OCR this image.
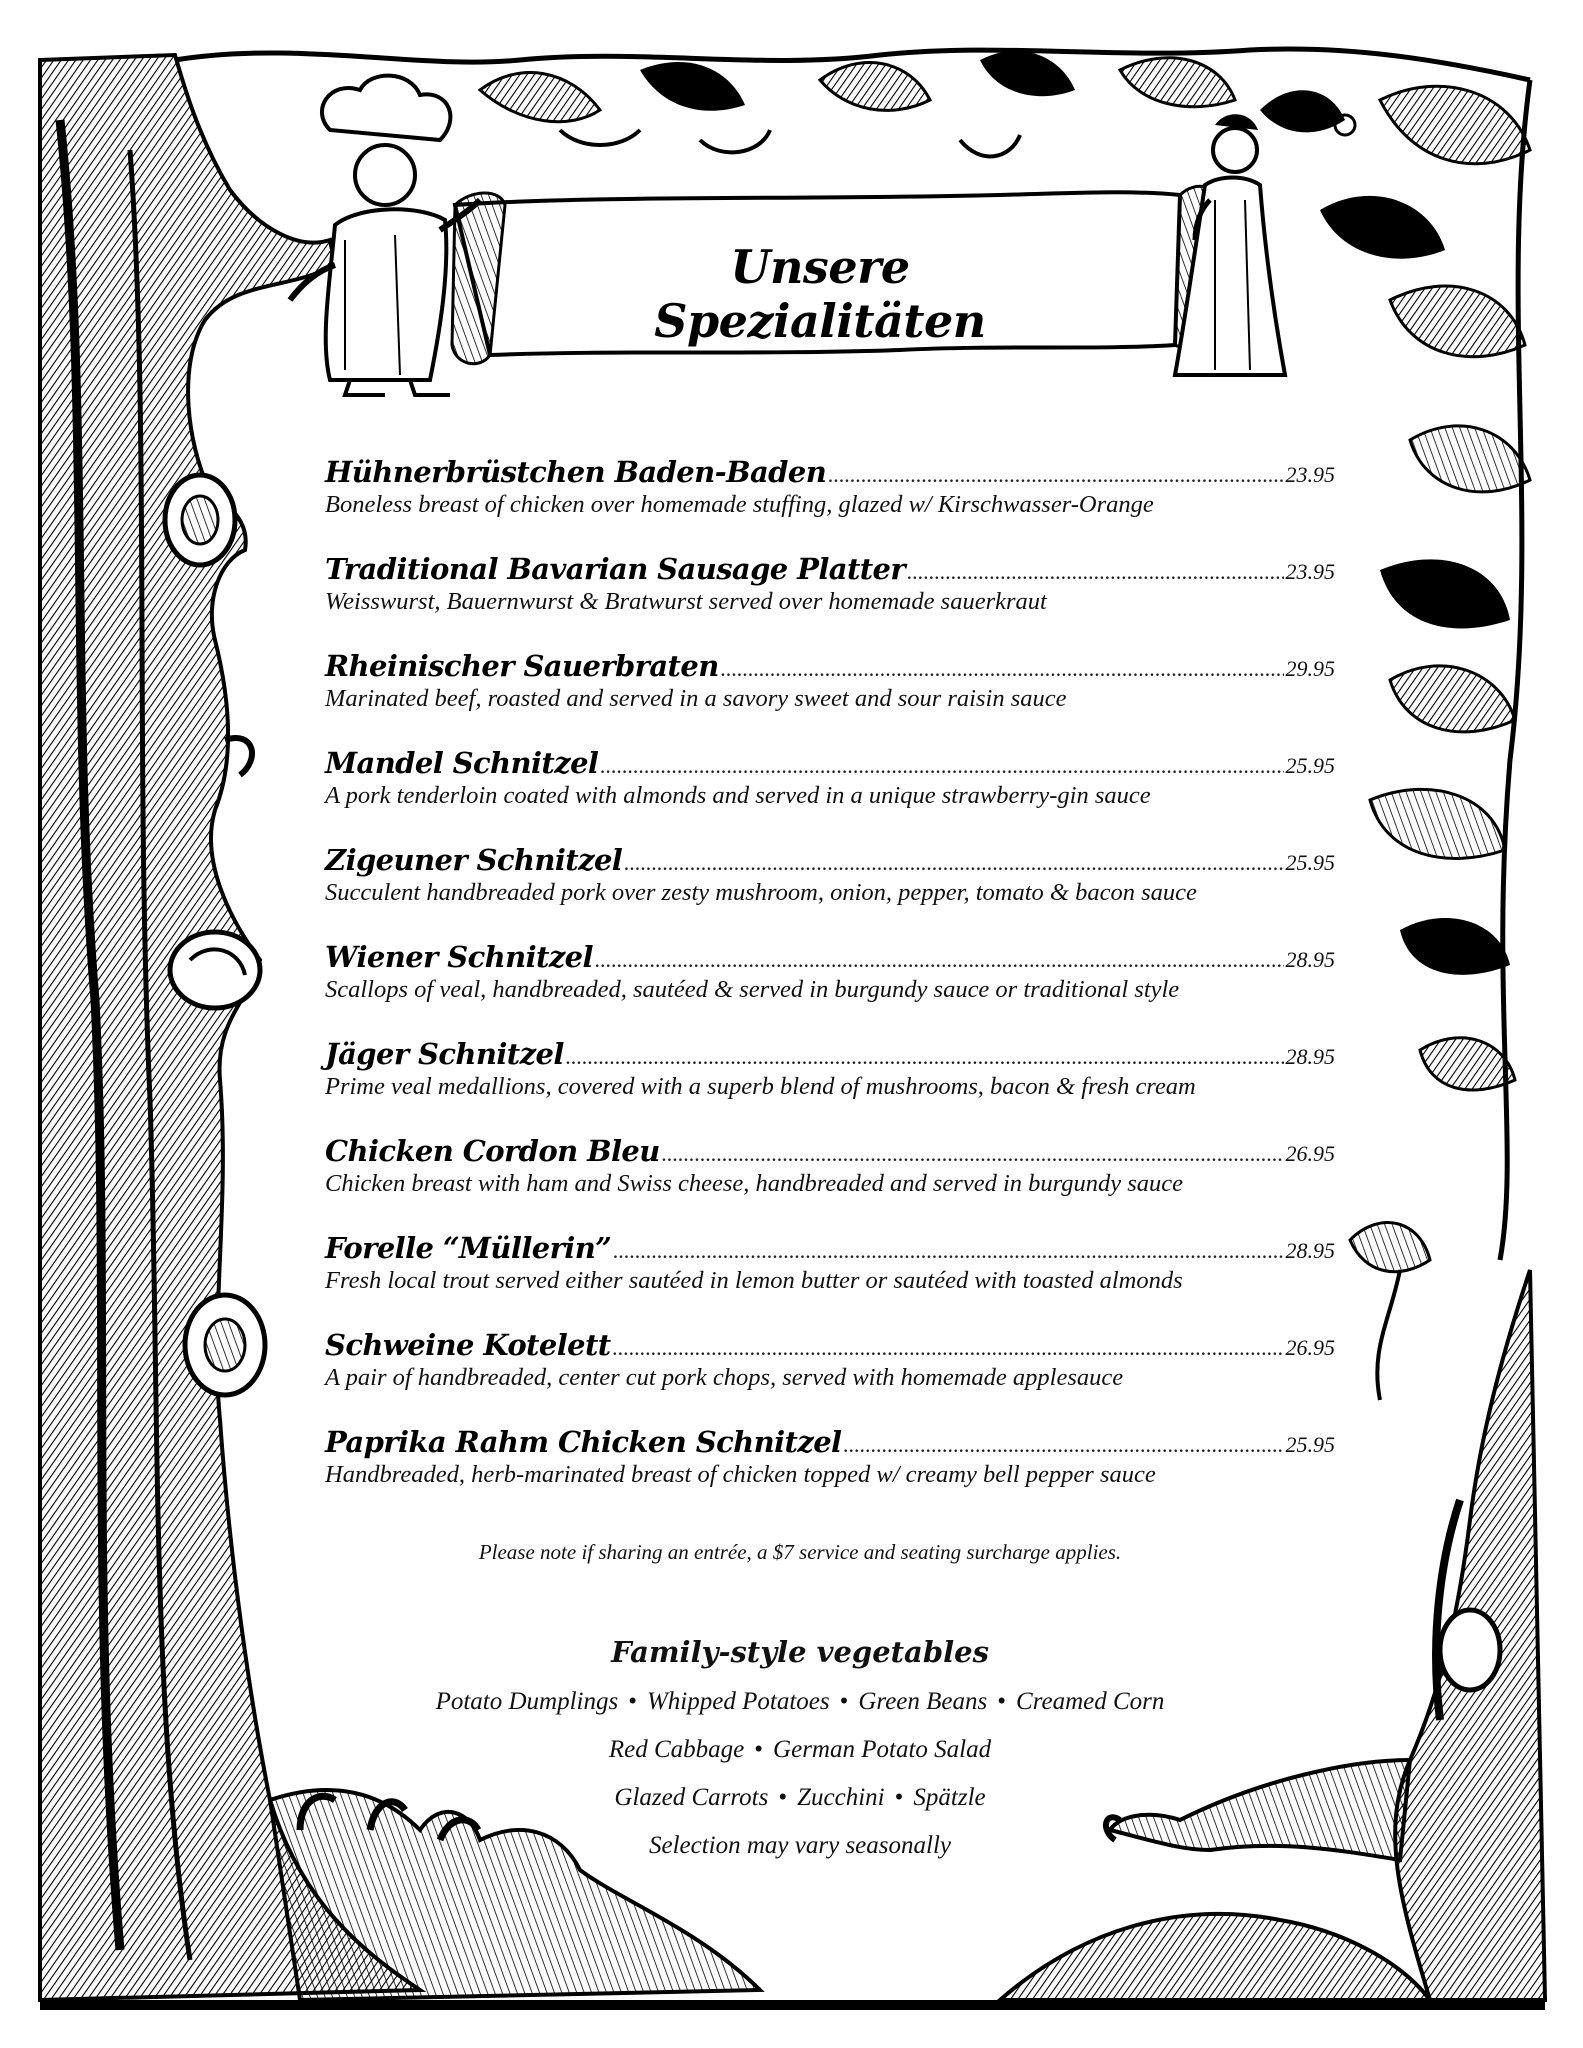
Unsere Spezialitäten
Hühnerbrüstchen Baden-Baden .....	23.95
Boneless breast of chicken over homemade stuffing, glazed w/ Kirschwasser-Orange
Traditional Bavarian Sausage Platter .....	23.95
Weisswurst, Bauernwurst & Bratwurst served over homemade sauerkraut
Rheinischer Sauerbraten .....	29.95
Marinated beef, roasted and served in a savory sweet and sour raisin sauce
Mandel Schnitzel .....	25.95
A pork tenderloin coated with almonds and served in a unique strawberry-gin sauce
Zigeuner Schnitzel .....	25.95
Succulent handbreaded pork over zesty mushroom, onion, pepper, tomato & bacon sauce
Wiener Schnitzel .....	28.95
Scallops of veal, handbreaded, sautéed & served in burgundy sauce or traditional style
Jäger Schnitzel .....	28.95
Prime veal medallions, covered with a superb blend of mushrooms, bacon & fresh cream
Chicken Cordon Bleu .....	26.95
Chicken breast with ham and Swiss cheese, handbreaded and served in burgundy sauce
Forelle “Müllerin” .....	28.95
Fresh local trout served either sautéed in lemon butter or sautéed with toasted almonds
Schweine Kotelett .....	26.95
A pair of handbreaded, center cut pork chops, served with homemade applesauce
Paprika Rahm Chicken Schnitzel .....	25.95
Handbreaded, herb-marinated breast of chicken topped w/ creamy bell pepper sauce
Please note if sharing an entrée, a $7 service and seating surcharge applies.
Family-style vegetables
Potato Dumplings • Whipped Potatoes • Green Beans • Creamed Corn
Red Cabbage • German Potato Salad
Glazed Carrots • Zucchini • Spätzle
Selection may vary seasonally
